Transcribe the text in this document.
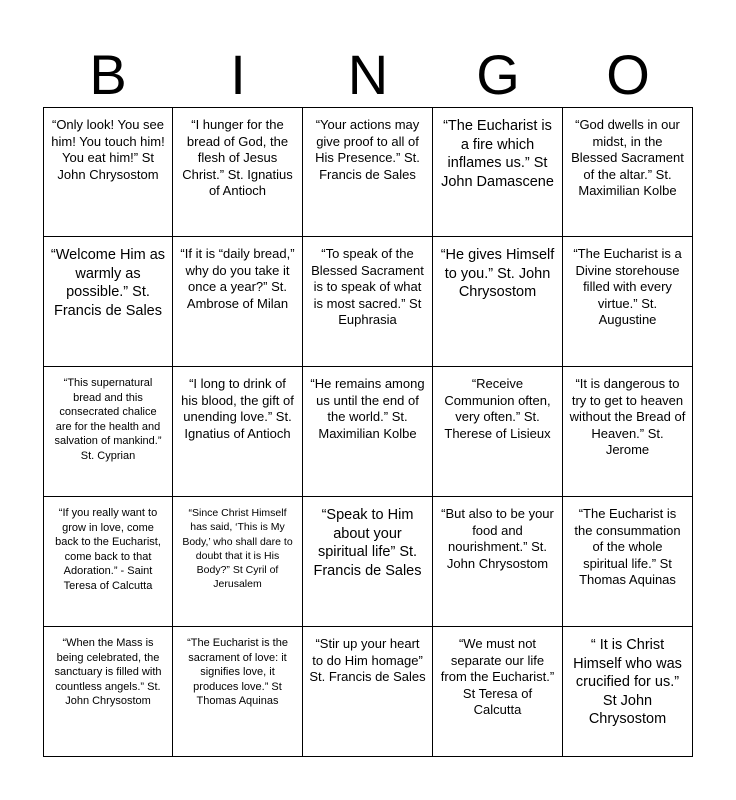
B	I	N	G	O
“Only look! You see him! You touch him! You eat him!” St John Chrysostom
“I hunger for the bread of God, the flesh of Jesus Christ.” St. Ignatius of Antioch
“Your actions may give proof to all of His Presence.” St. Francis de Sales
“The Eucharist is a fire which inflames us.” St John Damascene
“God dwells in our midst, in the Blessed Sacrament of the altar.” St. Maximilian Kolbe
“Welcome Him as warmly as possible.” St. Francis de Sales
“If it is “daily bread,” why do you take it once a year?” St. Ambrose of Milan
“To speak of the Blessed Sacrament is to speak of what is most sacred.” St Euphrasia
“He gives Himself to you.” St. John Chrysostom
“The Eucharist is a Divine storehouse filled with every virtue.” St. Augustine
“This supernatural bread and this consecrated chalice are for the health and salvation of mankind.” St. Cyprian
“I long to drink of his blood, the gift of unending love.” St. Ignatius of Antioch
“He remains among us until the end of the world.” St. Maximilian Kolbe
“Receive Communion often, very often.” St. Therese of Lisieux
“It is dangerous to try to get to heaven without the Bread of Heaven.” St. Jerome
“If you really want to grow in love, come back to the Eucharist, come back to that Adoration.” - Saint Teresa of Calcutta
“Since Christ Himself has said, ‘This is My Body,’ who shall dare to doubt that it is His Body?” St Cyril of Jerusalem
“Speak to Him about your spiritual life” St. Francis de Sales
“But also to be your food and nourishment.” St. John Chrysostom
“The Eucharist is the consummation of the whole spiritual life.” St Thomas Aquinas
“When the Mass is being celebrated, the sanctuary is filled with countless angels.” St. John Chrysostom
“The Eucharist is the sacrament of love: it signifies love, it produces love.” St Thomas Aquinas
“Stir up your heart to do Him homage” St. Francis de Sales
“We must not separate our life from the Eucharist.” St Teresa of Calcutta
“ It is Christ Himself who was crucified for us.” St John Chrysostom
